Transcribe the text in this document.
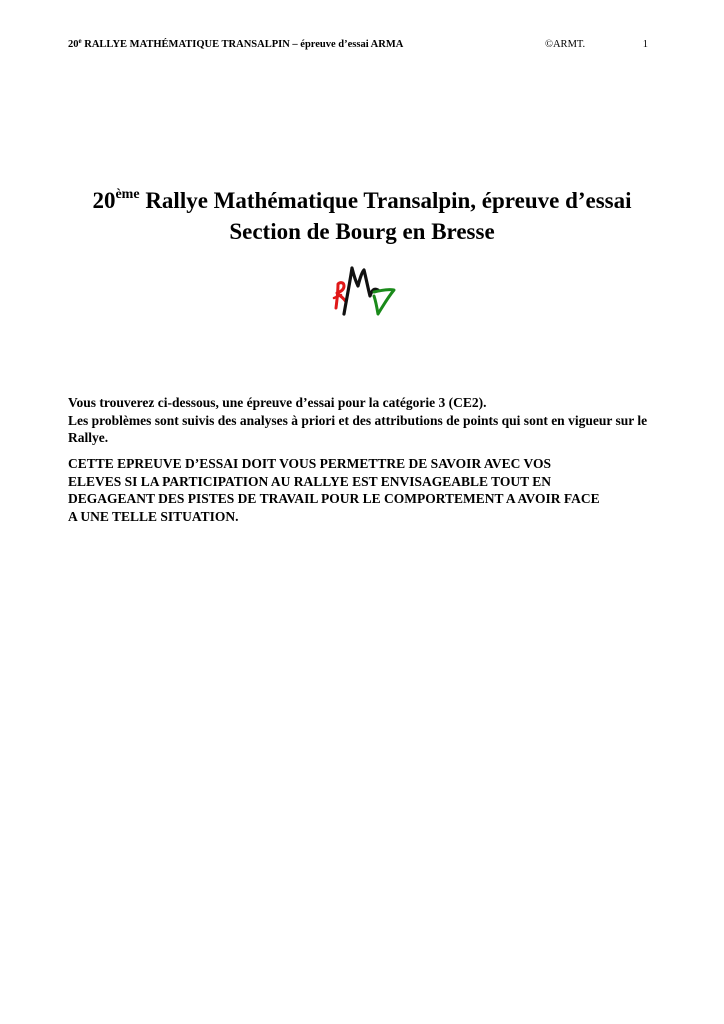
20e RALLYE MATHÉMATIQUE TRANSALPIN – épreuve d’essai ARMA	©ARMT.	1
20ème Rallye Mathématique Transalpin, épreuve d’essai
Section de Bourg en Bresse

Vous trouverez ci-dessous, une épreuve d’essai pour la catégorie 3 (CE2).

Les problèmes sont suivis des analyses à priori et des attributions de points qui sont en vigueur sur le Rallye.

CETTE EPREUVE D’ESSAI DOIT VOUS PERMETTRE DE SAVOIR AVEC VOS
ELEVES SI LA PARTICIPATION AU RALLYE EST ENVISAGEABLE TOUT EN
DEGAGEANT DES PISTES DE TRAVAIL POUR LE COMPORTEMENT A AVOIR FACE
A UNE TELLE SITUATION.
